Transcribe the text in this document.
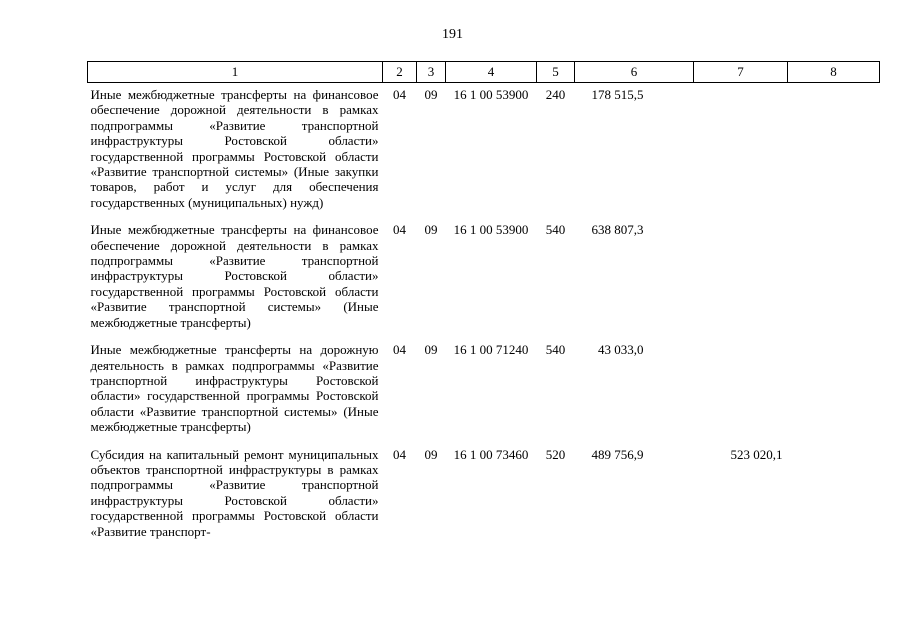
191
1	2	3	4	5	6	7	8

Иные межбюджетные трансферты на финансовое обеспечение дорожной деятельности в рамках подпрограммы «Развитие транспортной инфраструктуры Ростовской области» государственной программы Ростовской области «Развитие транспортной системы» (Иные закупки товаров, работ и услуг для обеспечения государственных (муниципальных) нужд)	04	09	16 1 00 53900	240	178 515,5		

Иные межбюджетные трансферты на финансовое обеспечение дорожной деятельности в рамках подпрограммы «Развитие транспортной инфраструктуры Ростовской области» государственной программы Ростовской области «Развитие транспортной системы» (Иные межбюджетные трансферты)	04	09	16 1 00 53900	540	638 807,3		

Иные межбюджетные трансферты на дорожную деятельность в рамках подпрограммы «Развитие транспортной инфраструктуры Ростовской области» государственной программы Ростовской области «Развитие транспортной системы» (Иные межбюджетные трансферты)	04	09	16 1 00 71240	540	43 033,0		

Субсидия на капитальный ремонт муниципальных объектов транспортной инфраструктуры в рамках подпрограммы «Развитие транспортной инфраструктуры Ростовской области» государственной программы Ростовской области «Развитие транспорт-	04	09	16 1 00 73460	520	489 756,9	523 020,1	
